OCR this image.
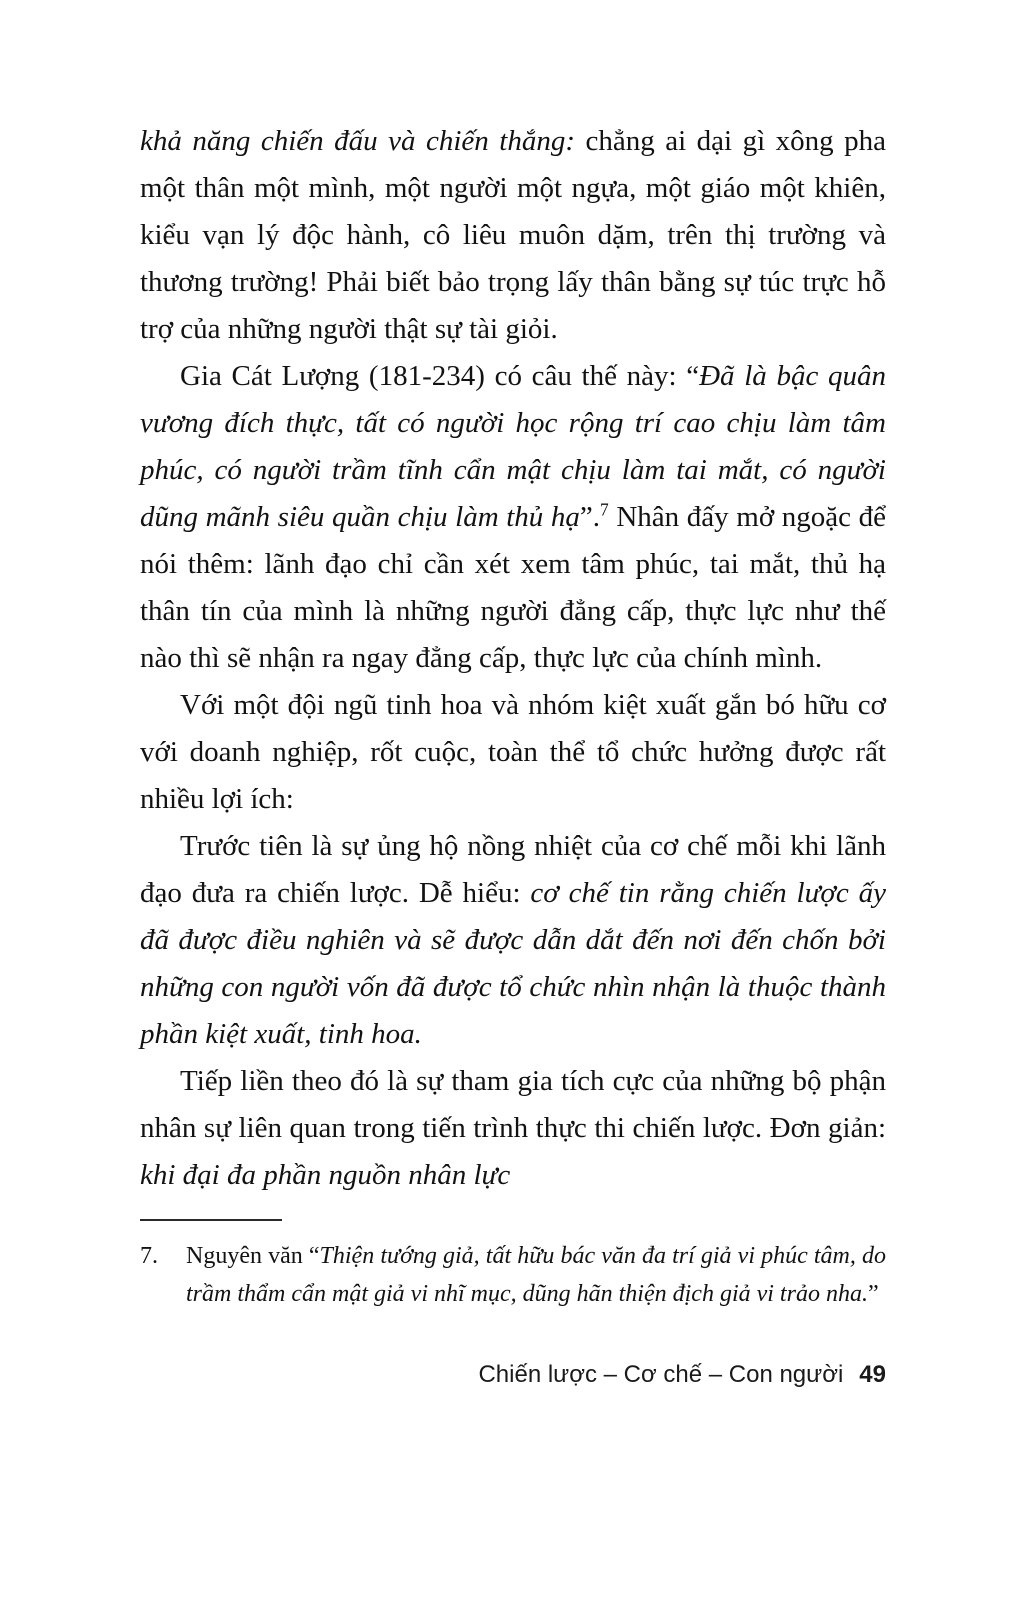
khả năng chiến đấu và chiến thắng: chẳng ai dại gì xông pha một thân một mình, một người một ngựa, một giáo một khiên, kiểu vạn lý độc hành, cô liêu muôn dặm, trên thị trường và thương trường! Phải biết bảo trọng lấy thân bằng sự túc trực hỗ trợ của những người thật sự tài giỏi.

Gia Cát Lượng (181-234) có câu thế này: “Đã là bậc quân vương đích thực, tất có người học rộng trí cao chịu làm tâm phúc, có người trầm tĩnh cẩn mật chịu làm tai mắt, có người dũng mãnh siêu quần chịu làm thủ hạ”.$^7$ Nhân đấy mở ngoặc để nói thêm: lãnh đạo chỉ cần xét xem tâm phúc, tai mắt, thủ hạ thân tín của mình là những người đẳng cấp, thực lực như thế nào thì sẽ nhận ra ngay đẳng cấp, thực lực của chính mình.

Với một đội ngũ tinh hoa và nhóm kiệt xuất gắn bó hữu cơ với doanh nghiệp, rốt cuộc, toàn thể tổ chức hưởng được rất nhiều lợi ích:

Trước tiên là sự ủng hộ nồng nhiệt của cơ chế mỗi khi lãnh đạo đưa ra chiến lược. Dễ hiểu: cơ chế tin rằng chiến lược ấy đã được điều nghiên và sẽ được dẫn dắt đến nơi đến chốn bởi những con người vốn đã được tổ chức nhìn nhận là thuộc thành phần kiệt xuất, tinh hoa.

Tiếp liền theo đó là sự tham gia tích cực của những bộ phận nhân sự liên quan trong tiến trình thực thi chiến lược. Đơn giản: khi đại đa phần nguồn nhân lực

7.	Nguyên văn “Thiện tướng giả, tất hữu bác văn đa trí giả vi phúc tâm, do trầm thẩm cẩn mật giả vi nhĩ mục, dũng hãn thiện địch giả vi trảo nha.”
Chiến lược – Cơ chế – Con người 49
